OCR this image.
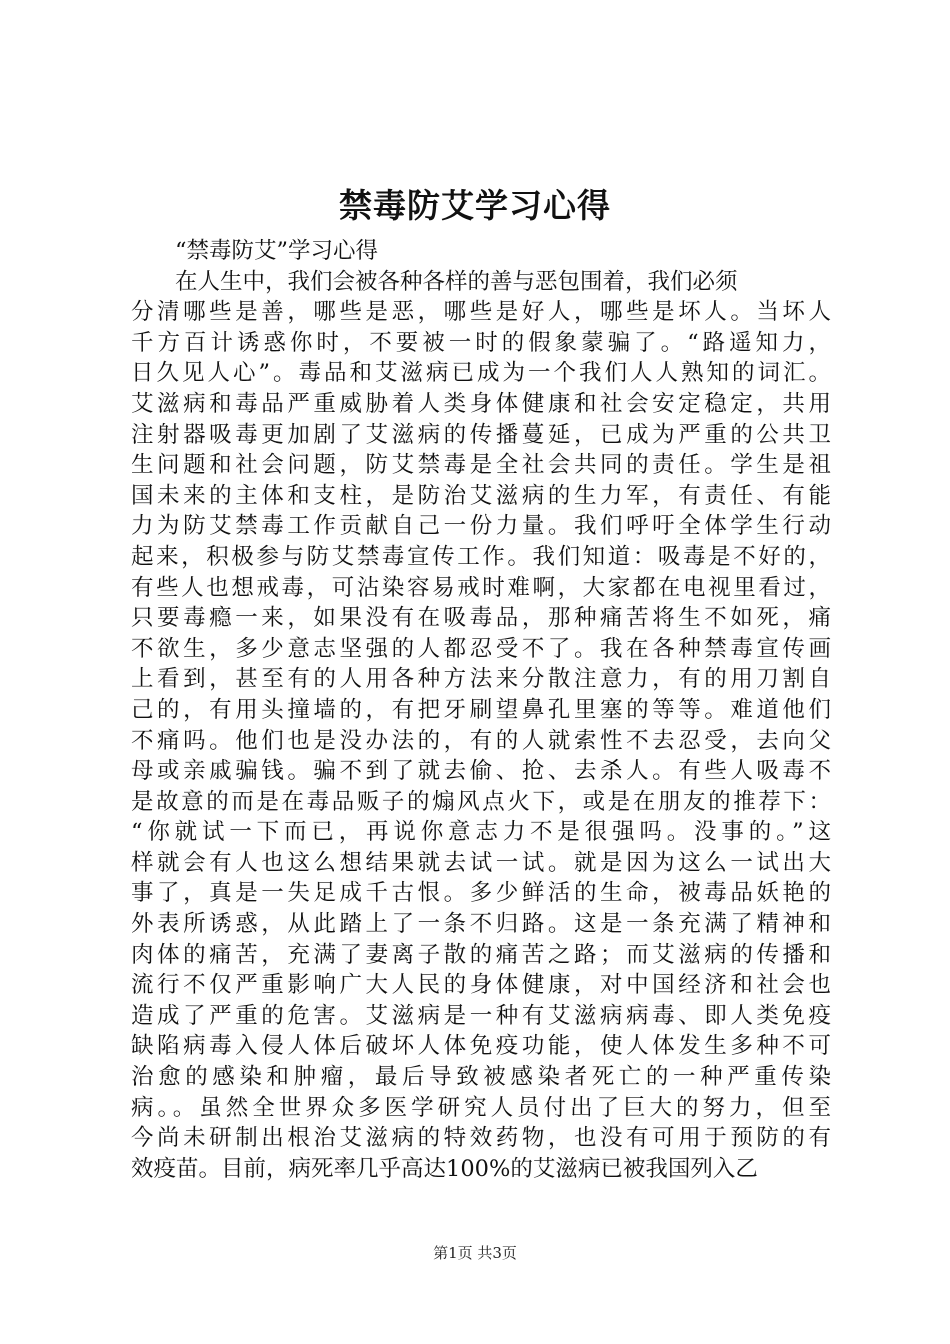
禁毒防艾学习心得
“禁毒防艾”学习心得
在人生中，我们会被各种各样的善与恶包围着，我们必须
分清哪些是善，哪些是恶，哪些是好人，哪些是坏人。当坏人
千方百计诱惑你时，不要被一时的假象蒙骗了。“路遥知力，
日久见人心”。毒品和艾滋病已成为一个我们人人熟知的词汇。
艾滋病和毒品严重威胁着人类身体健康和社会安定稳定，共用
注射器吸毒更加剧了艾滋病的传播蔓延，已成为严重的公共卫
生问题和社会问题，防艾禁毒是全社会共同的责任。学生是祖
国未来的主体和支柱，是防治艾滋病的生力军，有责任、有能
力为防艾禁毒工作贡献自己一份力量。我们呼吁全体学生行动
起来，积极参与防艾禁毒宣传工作。我们知道：吸毒是不好的，
有些人也想戒毒，可沾染容易戒时难啊，大家都在电视里看过，
只要毒瘾一来，如果没有在吸毒品，那种痛苦将生不如死，痛
不欲生，多少意志坚强的人都忍受不了。我在各种禁毒宣传画
上看到，甚至有的人用各种方法来分散注意力，有的用刀割自
己的，有用头撞墙的，有把牙刷望鼻孔里塞的等等。难道他们
不痛吗。他们也是没办法的，有的人就索性不去忍受，去向父
母或亲戚骗钱。骗不到了就去偷、抢、去杀人。有些人吸毒不
是故意的而是在毒品贩子的煽风点火下，或是在朋友的推荐下：
“你就试一下而已，再说你意志力不是很强吗。没事的。”这
样就会有人也这么想结果就去试一试。就是因为这么一试出大
事了，真是一失足成千古恨。多少鲜活的生命，被毒品妖艳的
外表所诱惑，从此踏上了一条不归路。这是一条充满了精神和
肉体的痛苦，充满了妻离子散的痛苦之路；而艾滋病的传播和
流行不仅严重影响广大人民的身体健康，对中国经济和社会也
造成了严重的危害。艾滋病是一种有艾滋病病毒、即人类免疫
缺陷病毒入侵人体后破坏人体免疫功能，使人体发生多种不可
治愈的感染和肿瘤，最后导致被感染者死亡的一种严重传染
病。。虽然全世界众多医学研究人员付出了巨大的努力，但至
今尚未研制出根治艾滋病的特效药物，也没有可用于预防的有
效疫苗。目前，病死率几乎高达100%的艾滋病已被我国列入乙
第1页 共3页
